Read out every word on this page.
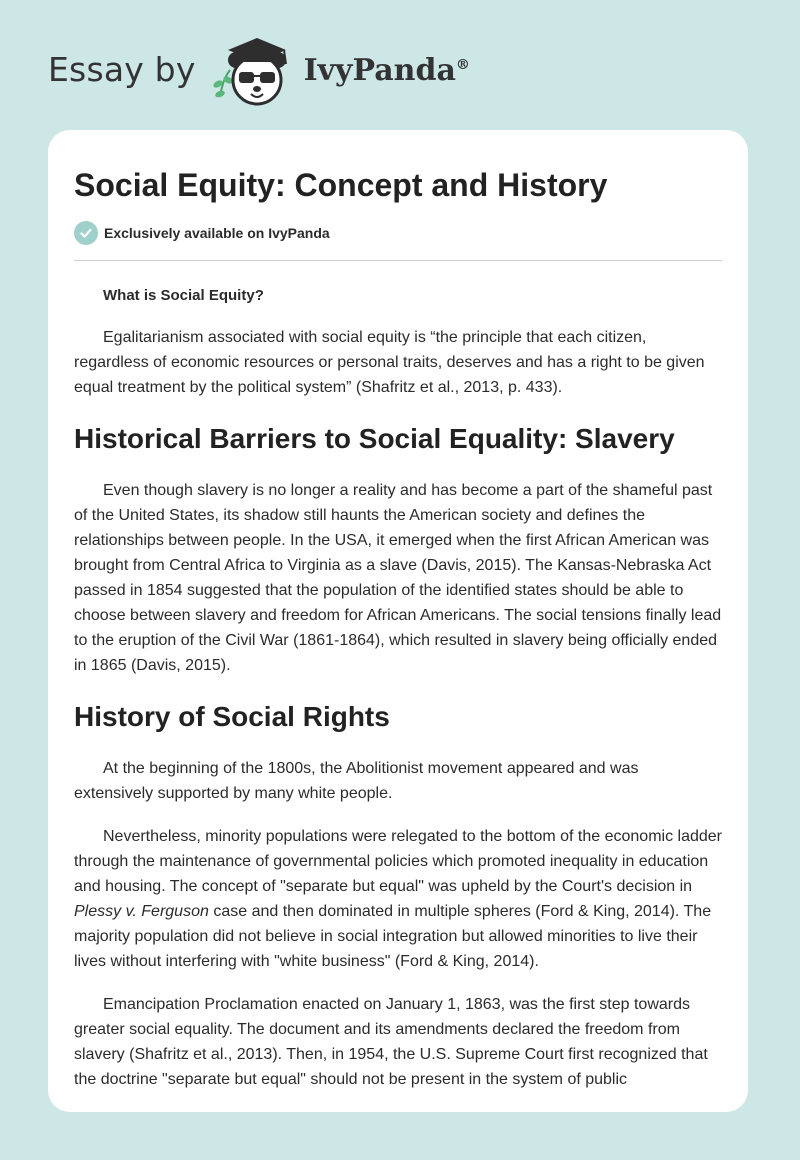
Essay by	IvyPanda®
Social Equity: Concept and History
Exclusively available on IvyPanda

What is Social Equity?

Egalitarianism associated with social equity is “the principle that each citizen, regardless of economic resources or personal traits, deserves and has a right to be given equal treatment by the political system” (Shafritz et al., 2013, p. 433).

Historical Barriers to Social Equality: Slavery

Even though slavery is no longer a reality and has become a part of the shameful past of the United States, its shadow still haunts the American society and defines the relationships between people. In the USA, it emerged when the first African American was brought from Central Africa to Virginia as a slave (Davis, 2015). The Kansas-Nebraska Act passed in 1854 suggested that the population of the identified states should be able to choose between slavery and freedom for African Americans. The social tensions finally lead to the eruption of the Civil War (1861-1864), which resulted in slavery being officially ended in 1865 (Davis, 2015).

History of Social Rights

At the beginning of the 1800s, the Abolitionist movement appeared and was extensively supported by many white people.

Nevertheless, minority populations were relegated to the bottom of the economic ladder through the maintenance of governmental policies which promoted inequality in education and housing. The concept of "separate but equal" was upheld by the Court's decision in Plessy v. Ferguson case and then dominated in multiple spheres (Ford & King, 2014). The majority population did not believe in social integration but allowed minorities to live their lives without interfering with "white business" (Ford & King, 2014).

Emancipation Proclamation enacted on January 1, 1863, was the first step towards greater social equality. The document and its amendments declared the freedom from slavery (Shafritz et al., 2013). Then, in 1954, the U.S. Supreme Court first recognized that the doctrine "separate but equal" should not be present in the system of public
